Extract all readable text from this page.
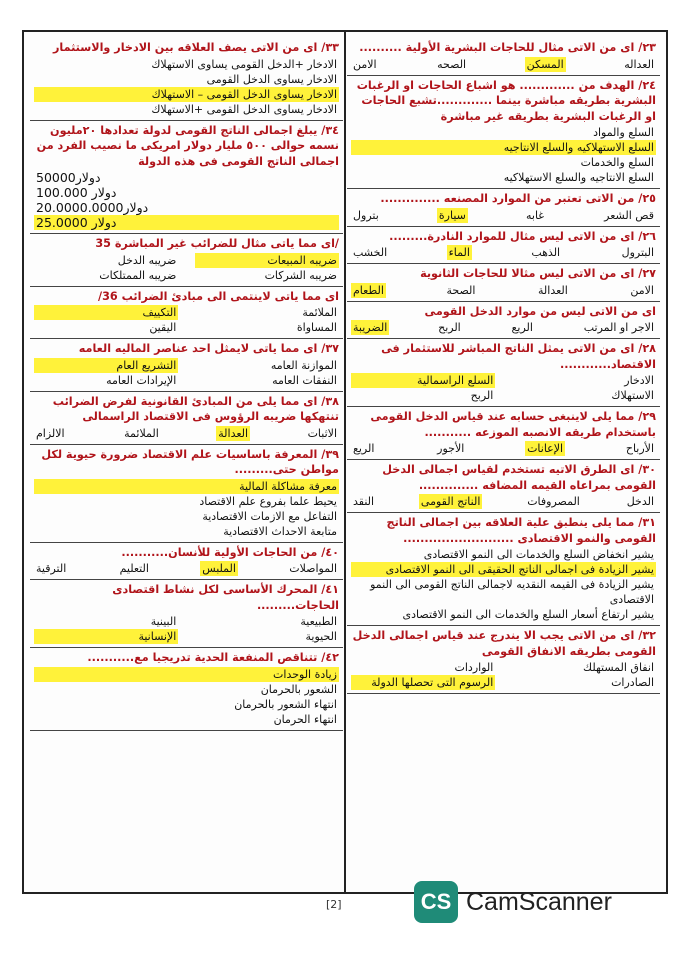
٢٣/ اى من الاتى مثال للحاجات البشرية الأولية ..........
العداله
المسكن
الصحه
الامن
٢٤/ الهدف من ............. هو اشباع الحاجات او الرغبات البشرية بطريقه مباشرة بينما .............تشبع الحاجات او الرغبات البشرية بطريقه غير مباشرة
السلع والمواد
السلع الاستهلاكيه والسلع الانتاجيه
السلع والخدمات
السلع الانتاجيه والسلع الاستهلاكيه
٢٥/ من الاتى تعتبر من الموارد المصنعه ..............
قص الشعر
غابه
سيارة
بترول
٢٦/ اى من الاتى ليس مثال للموارد النادرة.........
البترول
الذهب
الماء
الخشب
٢٧/ اى من الاتى ليس مثالا للحاجات الثانوية
الامن
العدالة
الصحة
الطعام
اى من الاتى ليس من موارد الدخل القومى
الاجر او المرتب
الريع
الربح
الضريبة
٢٨/ اى من الاتى يمثل الناتج المباشر للاستثمار فى الاقتصاد............
الادخار
السلع الراسمالية
الاستهلاك
الربح
٢٩/ مما يلى لاينبغى حسابه عند قياس الدخل القومى باستخدام طريقه الانصبه الموزعه ...........
الأرباح
الإعانات
الأجور
الريع
٣٠/ اى الطرق الاتيه تستخدم لقياس اجمالى الدخل القومى بمراعاه القيمه المضافه ..............
الدخل
المصروفات
الناتج القومى
النقد
٣١/ مما يلى ينطبق علية العلاقه بين اجمالى الناتج القومى والنمو الاقتصادى ..........................
يشير انخفاض السلع والخدمات الى النمو الاقتصادى
يشير الزيادة فى اجمالى الناتج الحقيقى الى النمو الاقتصادى
يشير الزيادة فى القيمه النقديه لاجمالى الناتج القومى الى النمو الاقتصادى
يشير ارتفاع أسعار السلع والخدمات الى النمو الاقتصادى
٣٢/ اى من الاتى يجب الا يندرج عند قياس اجمالى الدخل القومى بطريقه الانفاق القومى
انفاق المستهلك
الواردات
الصادرات
الرسوم التى تحصلها الدولة
٣٣/ اى من الاتى يصف العلاقه بين الادخار والاستثمار
الادخار +الدخل القومى يساوى الاستهلاك
الادخار يساوى الدخل القومى
الادخار يساوى الدخل القومى – الاستهلاك
الادخار يساوى الدخل القومى +الاستهلاك
٣٤/ يبلغ اجمالى الناتج القومى لدولة تعدادها ٢٠مليون نسمه حوالى ٥٠٠ مليار دولار امريكى ما نصيب الفرد من اجمالى الناتج القومى فى هذه الدولة
50000دولار
100.000 دولار
20.0000.0000دولار
25.0000 دولار
/اى مما ياتى مثال للضرائب غير المباشرة 35
ضريبه المبيعات
ضريبه الدخل
ضريبه الشركات
ضريبه الممتلكات
اى مما ياتى لاينتمى الى مبادئ الضرائب 36/
الملائمة
التكييف
المساواة
اليقين
٣٧/ اى مما ياتى لايمثل احد عناصر الماليه العامه
الموازنة العامه
التشريع العام
النفقات العامه
الإيرادات العامه
٣٨/ اى مما يلى من المبادئ القانونية لفرض الضرائب تنتهكها ضريبه الرؤوس فى الاقتصاد الراسمالى
الاثبات
العدالة
الملائمة
الالزام
٣٩/ المعرفة باساسيات علم الاقتصاد ضرورة حيوية لكل مواطن حتى.........
معرفة مشاكلة المالية
يحيط علما بفروع علم الاقتصاد
التفاعل مع الازمات الاقتصادية
متابعة الاحداث الاقتصادية
٤٠/ من الحاجات الأولية للأنسان...........
المواصلات
الملبس
التعليم
الترقية
٤١/ المحرك الأساسى لكل نشاط اقتصادى الحاجات.........
الطبيعية
البينية
الحيوية
الإنسانية
٤٢/ تتناقص المنفعة الحدية تدريجيا مع...........
زيادة الوحدات
الشعور بالحرمان
انتهاء الشعور بالحرمان
انتهاء الحرمان
[2]	CS CamScanner
